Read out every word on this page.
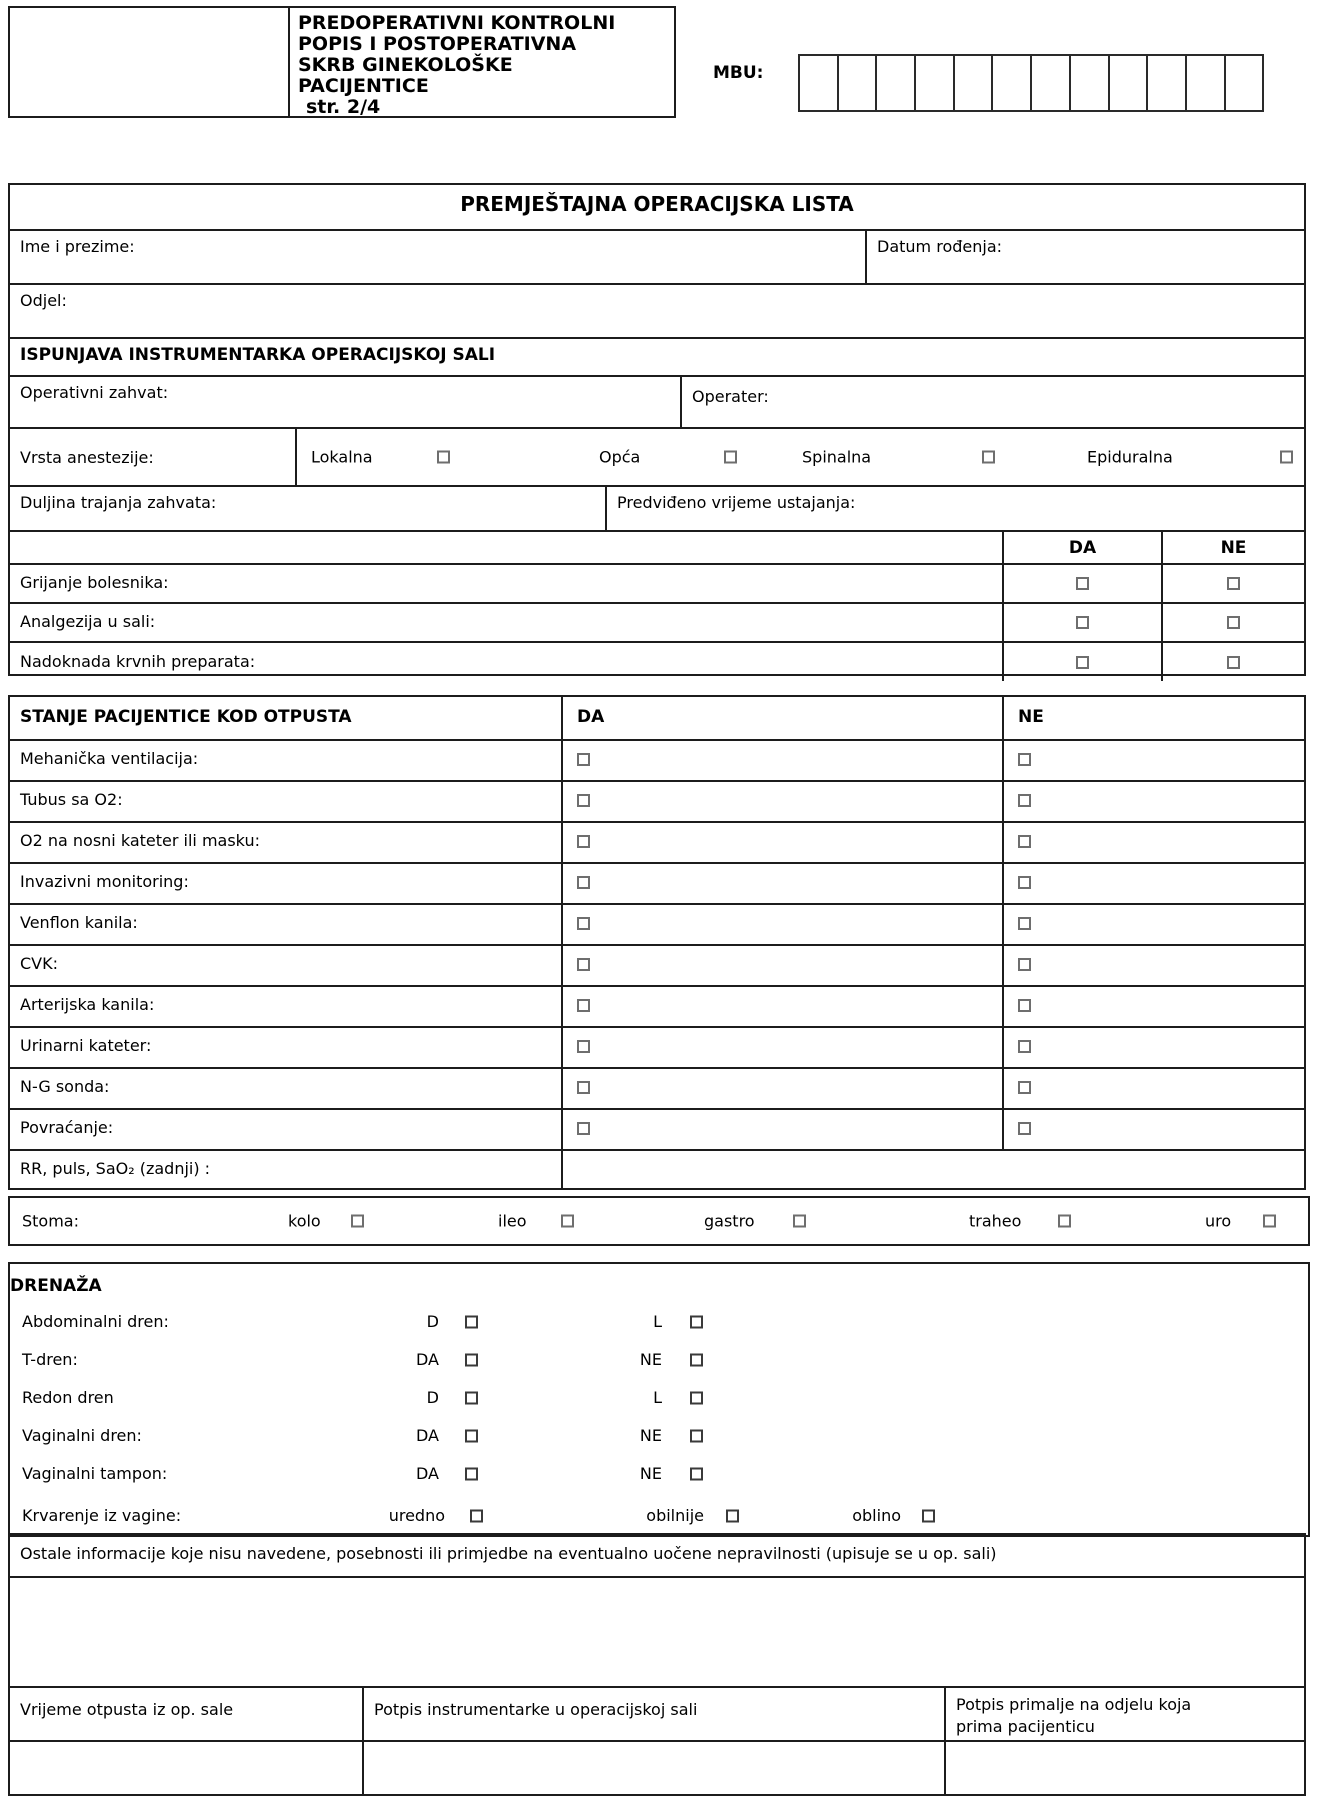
PREDOPERATIVNI KONTROLNI
POPIS I POSTOPERATIVNA
SKRB GINEKOLOŠKE
PACIJENTICE
str. 2/4
MBU:
PREMJEŠTAJNA OPERACIJSKA LISTA
Ime i prezime:	Datum rođenja:
Odjel:
ISPUNJAVA INSTRUMENTARKA OPERACIJSKOJ SALI
Operativni zahvat:	Operater:
Vrsta anestezije:	Lokalna	Opća	Spinalna	Epiduralna
Duljina trajanja zahvata:	Predviđeno vrijeme ustajanja:
DA	NE
Grijanje bolesnika:
Analgezija u sali:
Nadoknada krvnih preparata:
STANJE PACIJENTICE KOD OTPUSTA	DA	NE
Mehanička ventilacija:
Tubus sa O2:
O2 na nosni kateter ili masku:
Invazivni monitoring:
Venflon kanila:
CVK:
Arterijska kanila:
Urinarni kateter:
N-G sonda:
Povraćanje:
RR, puls, SaO₂ (zadnji) :
Stoma:	kolo	ileo	gastro	traheo	uro
DRENAŽA
Abdominalni dren:	D	L
T-dren:	DA	NE
Redon dren	D	L
Vaginalni dren:	DA	NE
Vaginalni tampon:	DA	NE
Krvarenje iz vagine:	uredno	obilnije	oblino
Ostale informacije koje nisu navedene, posebnosti ili primjedbe na eventualno uočene nepravilnosti (upisuje se u op. sali)
Vrijeme otpusta iz op. sale	Potpis instrumentarke u operacijskoj sali	Potpis primalje na odjelu koja prima pacijenticu
